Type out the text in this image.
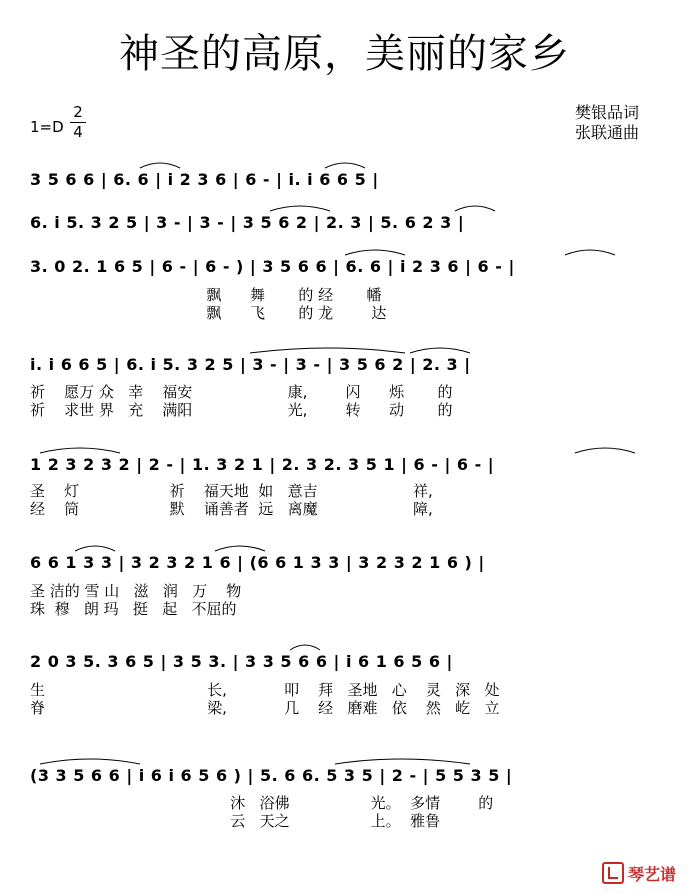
神圣的高原，美丽的家乡
1=D
2
4
樊银品词
张联通曲
3 5 6 6 | 6. 6 | i 2 3 6 | 6 - | i. i 6 6 5 |
6. i 5. 3 2 5 | 3 - | 3 - | 3 5 6 2 | 2. 3 | 5. 6 2 3 |
3. 0 2. 1 6 5 | 6 - | 6 - ) | 3 5 6 6 | 6. 6 | i 2 3 6 | 6 - |
飘      舞       的 经       幡
飘      飞       的 龙        达
i. i 6 6 5 | 6. i 5. 3 2 5 | 3 - | 3 - | 3 5 6 2 | 2. 3 |
祈    愿万 众   幸    福安                    康,        闪      烁       的
祈    求世 界   充    满阳                    光,        转      动       的
1 2 3 2 3 2 | 2 - | 1. 3 2 1 | 2. 3 2. 3 5 1 | 6 - | 6 - |
圣    灯                   祈    福天地  如   意吉                    祥,
经    筒                   默    诵善者  远   离魔                    障,
6 6 1 3 3 | 3 2 3 2 1 6 | (6 6 1 3 3 | 3 2 3 2 1 6 ) |
圣 洁的 雪 山   滋   润   万    物
珠  穆   朗 玛   挺   起   不屈的
2 0 3 5. 3 6 5 | 3 5 3. | 3 3 5 6 6 | i 6 1 6 5 6 |
生                                  长,            叩    拜   圣地   心    灵   深   处
脊                                  梁,            几    经   磨难   依    然   屹   立
(3 3 5 6 6 | i 6 i 6 5 6 ) | 5. 6 6. 5 3 5 | 2 - | 5 5 3 5 |
沐   浴佛                 光。  多情        的
云   天之                 上。  雅鲁
琴艺谱
